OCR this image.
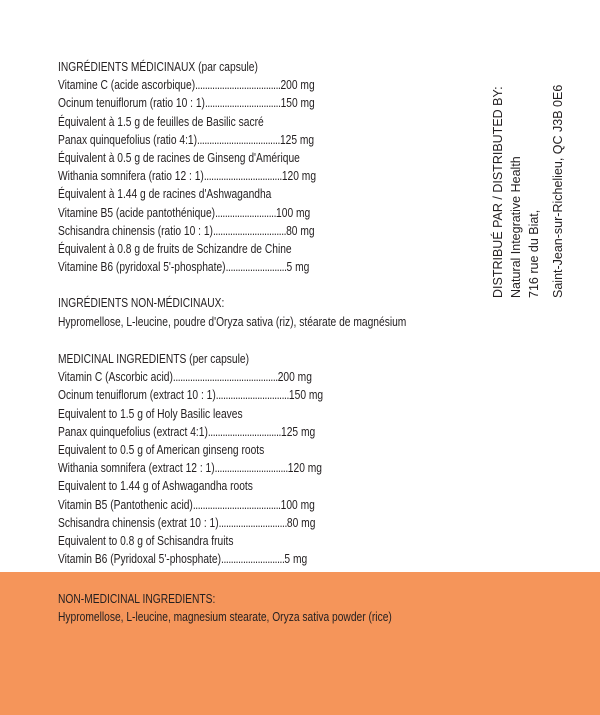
INGRÉDIENTS MÉDICINAUX (par capsule)
Vitamine C (acide ascorbique) ................................... 200 mg
Ocinum tenuiflorum (ratio 10 : 1) ............................... 150 mg
Équivalent à 1.5 g de feuilles de Basilic sacré
Panax quinquefolius (ratio 4:1) .................................. 125 mg
Équivalent à 0.5 g de racines de Ginseng d'Amérique
Withania somnifera (ratio 12 : 1) ................................ 120 mg
Équivalent à 1.44 g de racines d'Ashwagandha
Vitamine B5 (acide pantothénique) ......................... 100 mg
Schisandra chinensis (ratio 10 : 1) .............................. 80 mg
Équivalent à 0.8 g de fruits de Schizandre de Chine
Vitamine B6 (pyridoxal 5'-phosphate) ......................... 5 mg
INGRÉDIENTS NON-MÉDICINAUX:
Hypromellose, L-leucine, poudre d'Oryza sativa (riz), stéarate de magnésium
MEDICINAL INGREDIENTS (per capsule)
Vitamin C (Ascorbic acid) ........................................... 200 mg
Ocinum tenuiflorum (extract 10 : 1) .............................. 150 mg
Equivalent to 1.5 g of Holy Basilic leaves
Panax quinquefolius (extract 4:1) .............................. 125 mg
Equivalent to 0.5 g of American ginseng roots
Withania somnifera (extract 12 : 1) .............................. 120 mg
Equivalent to 1.44 g of Ashwagandha roots
Vitamin B5 (Pantothenic acid) .................................... 100 mg
Schisandra chinensis (extrat 10 : 1) ............................ 80 mg
Equivalent to 0.8 g of Schisandra fruits
Vitamin B6 (Pyridoxal 5'-phosphate) .......................... 5 mg
NON-MEDICINAL INGREDIENTS:
Hypromellose, L-leucine, magnesium stearate, Oryza sativa powder (rice)
DISTRIBUÉ PAR / DISTRIBUTED BY: Natural Integrative Health 716 rue du Biat, Saint-Jean-sur-Richelieu, QC J3B 0E6
